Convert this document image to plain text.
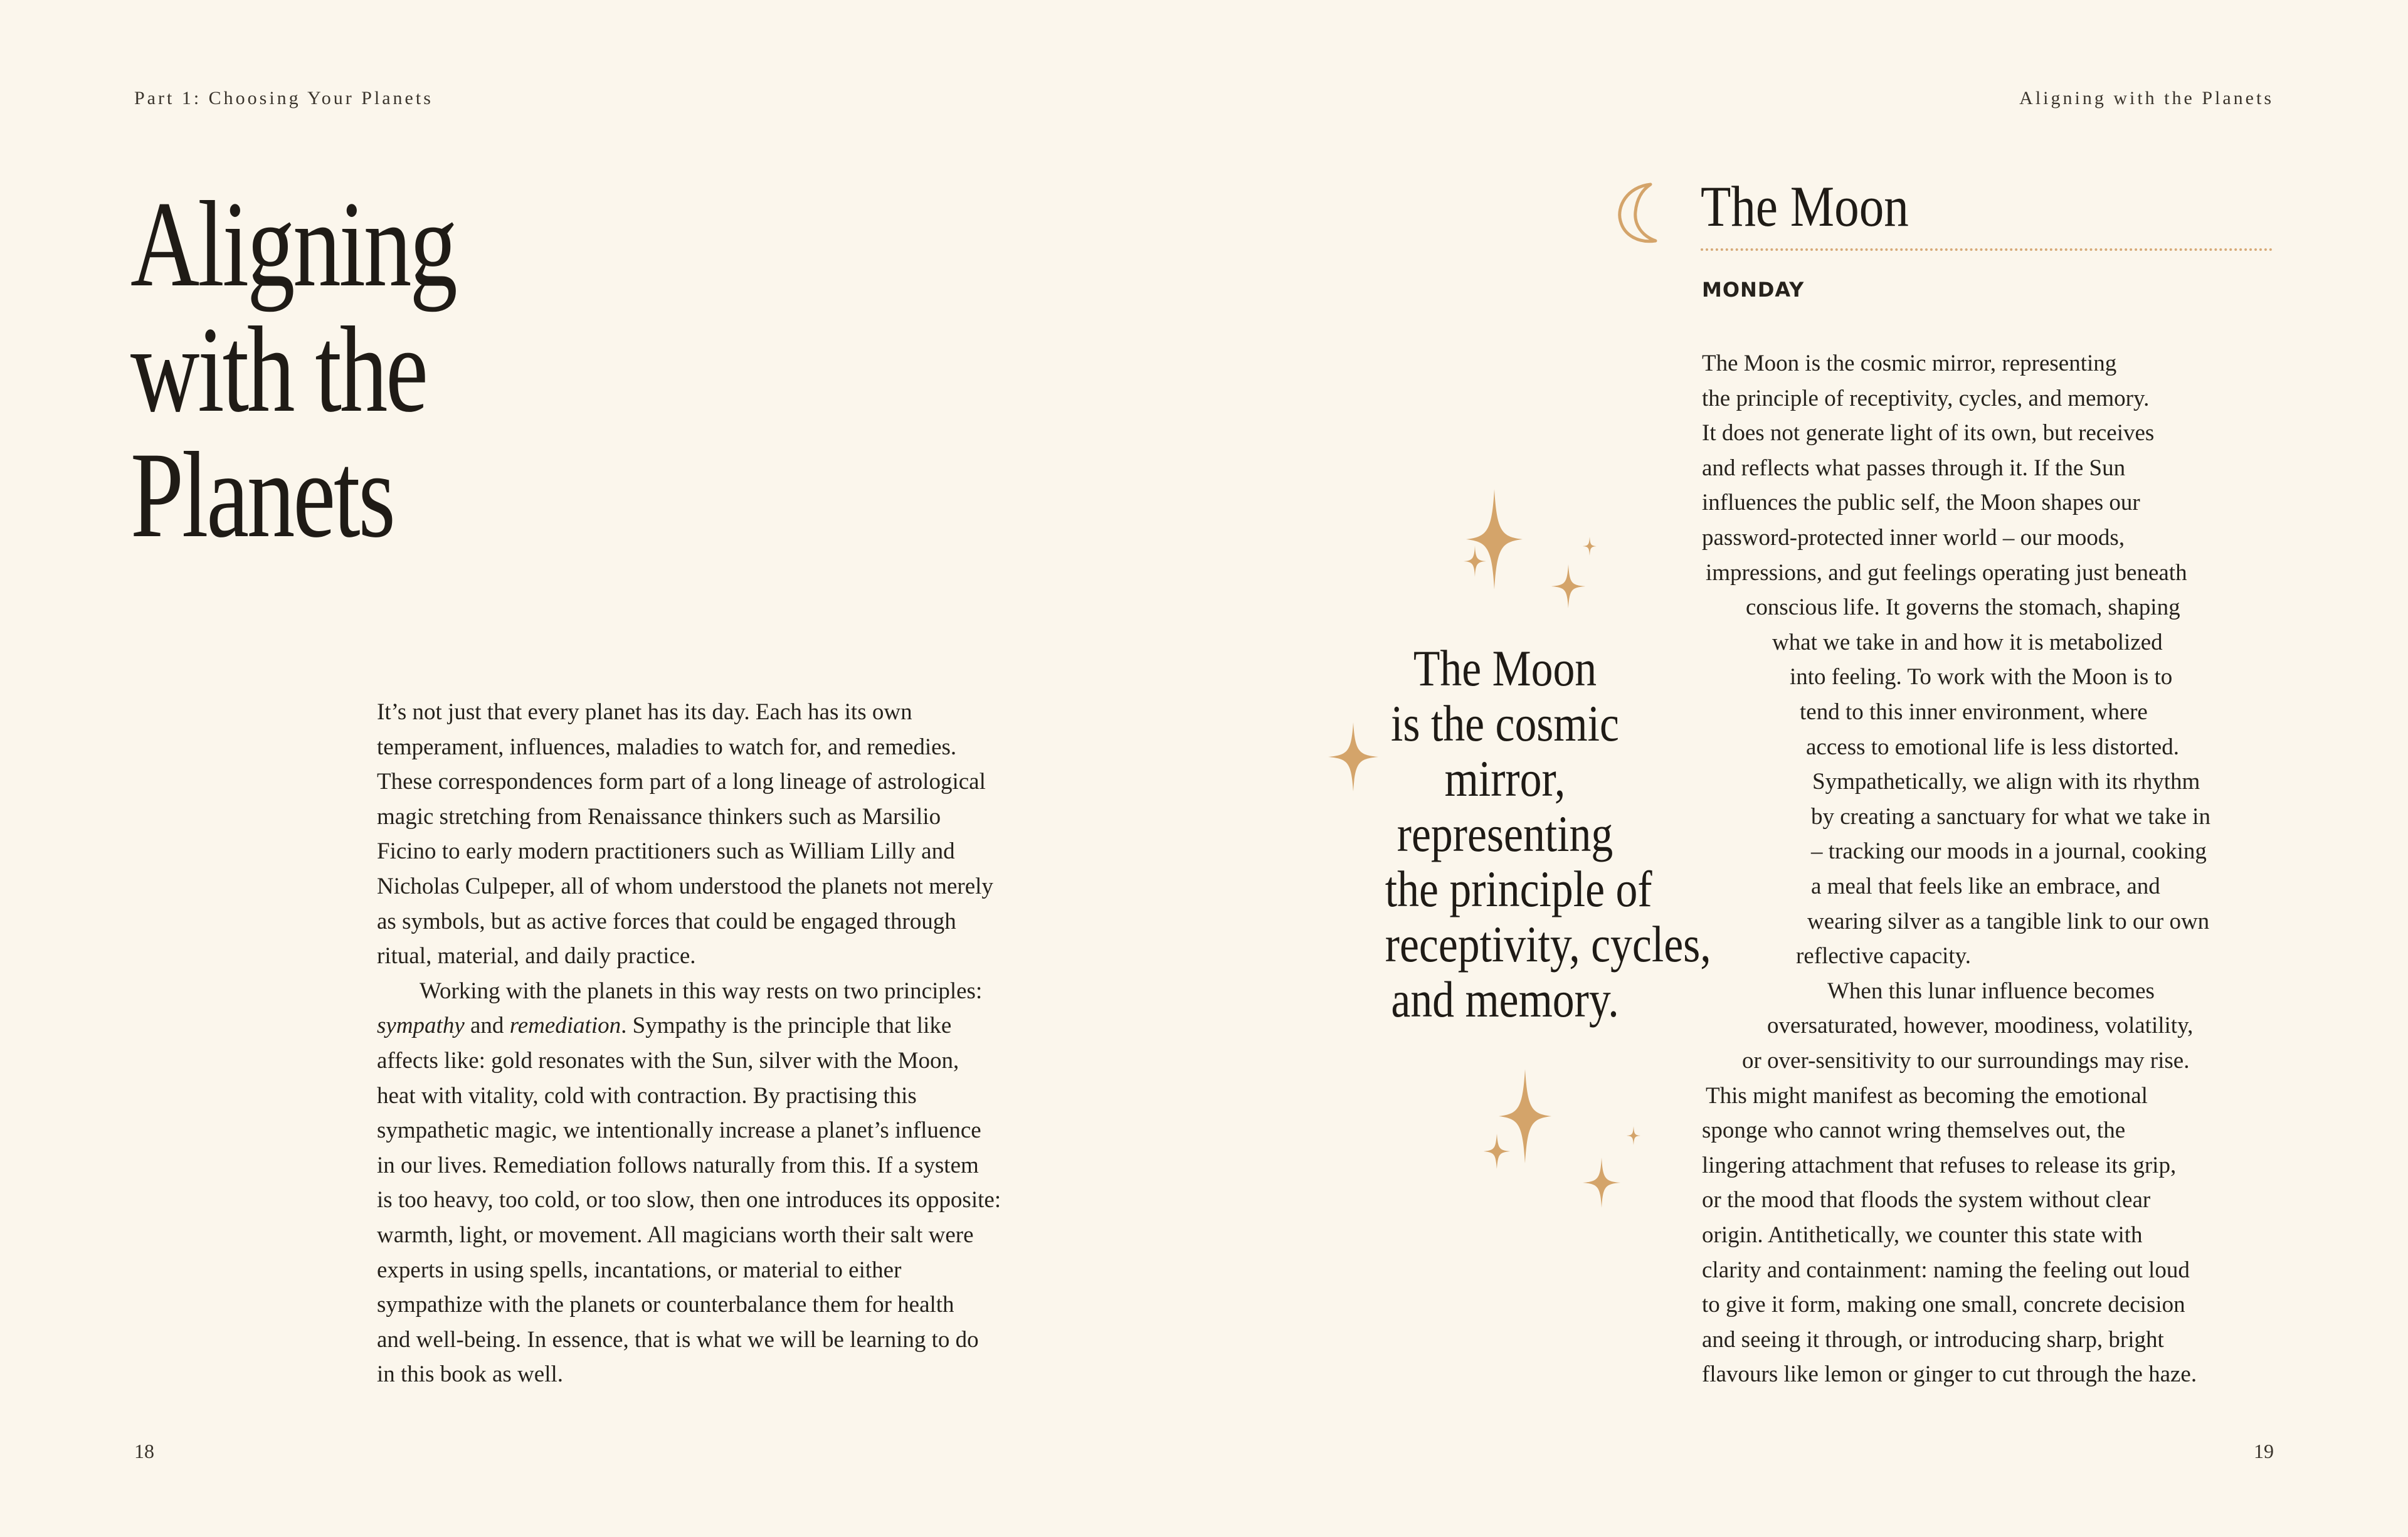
Part 1: Choosing Your Planets
Aligning
with the
Planets

It’s not just that every planet has its day. Each has its own
temperament, influences, maladies to watch for, and remedies.
These correspondences form part of a long lineage of astrological
magic stretching from Renaissance thinkers such as Marsilio
Ficino to early modern practitioners such as William Lilly and
Nicholas Culpeper, all of whom understood the planets not merely
as symbols, but as active forces that could be engaged through
ritual, material, and daily practice.

Working with the planets in this way rests on two principles:
sympathy and remediation. Sympathy is the principle that like
affects like: gold resonates with the Sun, silver with the Moon,
heat with vitality, cold with contraction. By practising this
sympathetic magic, we intentionally increase a planet’s influence
in our lives. Remediation follows naturally from this. If a system
is too heavy, too cold, or too slow, then one introduces its opposite:
warmth, light, or movement. All magicians worth their salt were
experts in using spells, incantations, or material to either
sympathize with the planets or counterbalance them for health
and well-being. In essence, that is what we will be learning to do
in this book as well.

18
Aligning with the Planets
The Moon
MONDAY
The Moon
is the cosmic
mirror,
representing
the principle of
receptivity, cycles,
and memory.
The Moon is the cosmic mirror, representing
the principle of receptivity, cycles, and memory.
It does not generate light of its own, but receives
and reflects what passes through it. If the Sun
influences the public self, the Moon shapes our
password-protected inner world – our moods,
impressions, and gut feelings operating just beneath
conscious life. It governs the stomach, shaping
what we take in and how it is metabolized
into feeling. To work with the Moon is to
tend to this inner environment, where
access to emotional life is less distorted.
Sympathetically, we align with its rhythm
by creating a sanctuary for what we take in
– tracking our moods in a journal, cooking
a meal that feels like an embrace, and
wearing silver as a tangible link to our own
reflective capacity.
When this lunar influence becomes
oversaturated, however, moodiness, volatility,
or over-sensitivity to our surroundings may rise.
This might manifest as becoming the emotional
sponge who cannot wring themselves out, the
lingering attachment that refuses to release its grip,
or the mood that floods the system without clear
origin. Antithetically, we counter this state with
clarity and containment: naming the feeling out loud
to give it form, making one small, concrete decision
and seeing it through, or introducing sharp, bright
flavours like lemon or ginger to cut through the haze.
19
